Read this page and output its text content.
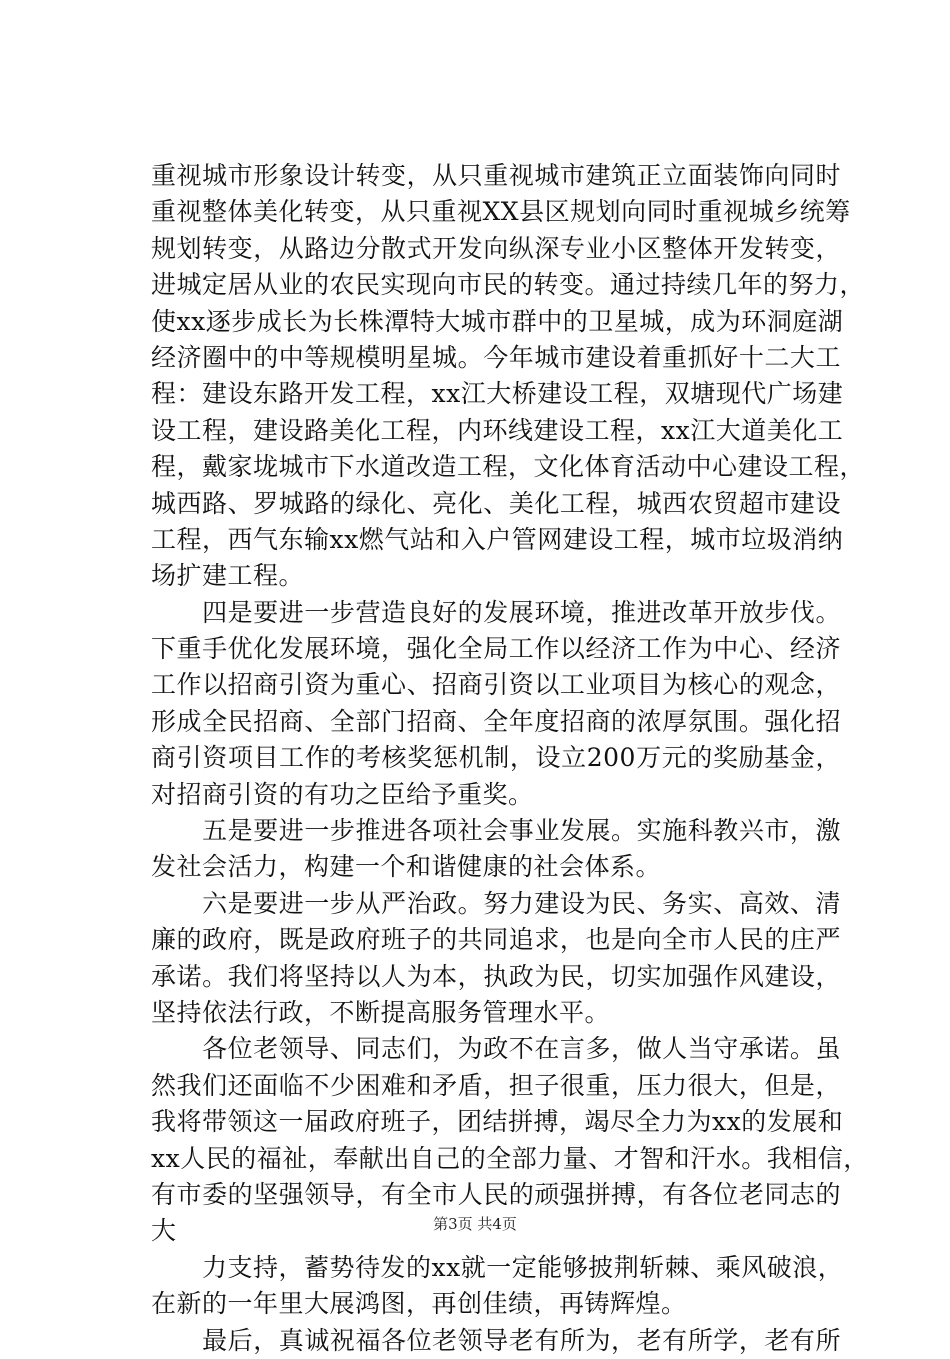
重视城市形象设计转变，从只重视城市建筑正立面装饰向同时
重视整体美化转变，从只重视XX县区规划向同时重视城乡统筹
规划转变，从路边分散式开发向纵深专业小区整体开发转变，
进城定居从业的农民实现向市民的转变。通过持续几年的努力，
使xx逐步成长为长株潭特大城市群中的卫星城，成为环洞庭湖
经济圈中的中等规模明星城。今年城市建设着重抓好十二大工
程：建设东路开发工程，xx江大桥建设工程，双塘现代广场建
设工程，建设路美化工程，内环线建设工程，xx江大道美化工
程，戴家垅城市下水道改造工程，文化体育活动中心建设工程，
城西路、罗城路的绿化、亮化、美化工程，城西农贸超市建设
工程，西气东输xx燃气站和入户管网建设工程，城市垃圾消纳
场扩建工程。
　　四是要进一步营造良好的发展环境，推进改革开放步伐。
下重手优化发展环境，强化全局工作以经济工作为中心、经济
工作以招商引资为重心、招商引资以工业项目为核心的观念，
形成全民招商、全部门招商、全年度招商的浓厚氛围。强化招
商引资项目工作的考核奖惩机制，设立200万元的奖励基金，
对招商引资的有功之臣给予重奖。
　　五是要进一步推进各项社会事业发展。实施科教兴市，激
发社会活力，构建一个和谐健康的社会体系。
　　六是要进一步从严治政。努力建设为民、务实、高效、清
廉的政府，既是政府班子的共同追求，也是向全市人民的庄严
承诺。我们将坚持以人为本，执政为民，切实加强作风建设，
坚持依法行政，不断提高服务管理水平。
　　各位老领导、同志们，为政不在言多，做人当守承诺。虽
然我们还面临不少困难和矛盾，担子很重，压力很大，但是，
我将带领这一届政府班子，团结拼搏，竭尽全力为xx的发展和
xx人民的福祉，奉献出自己的全部力量、才智和汗水。我相信，
有市委的坚强领导，有全市人民的顽强拼搏，有各位老同志的
大
　　力支持，蓄势待发的xx就一定能够披荆斩棘、乘风破浪，
在新的一年里大展鸿图，再创佳绩，再铸辉煌。
　　最后，真诚祝福各位老领导老有所为，老有所学，老有所
第3页 共4页
